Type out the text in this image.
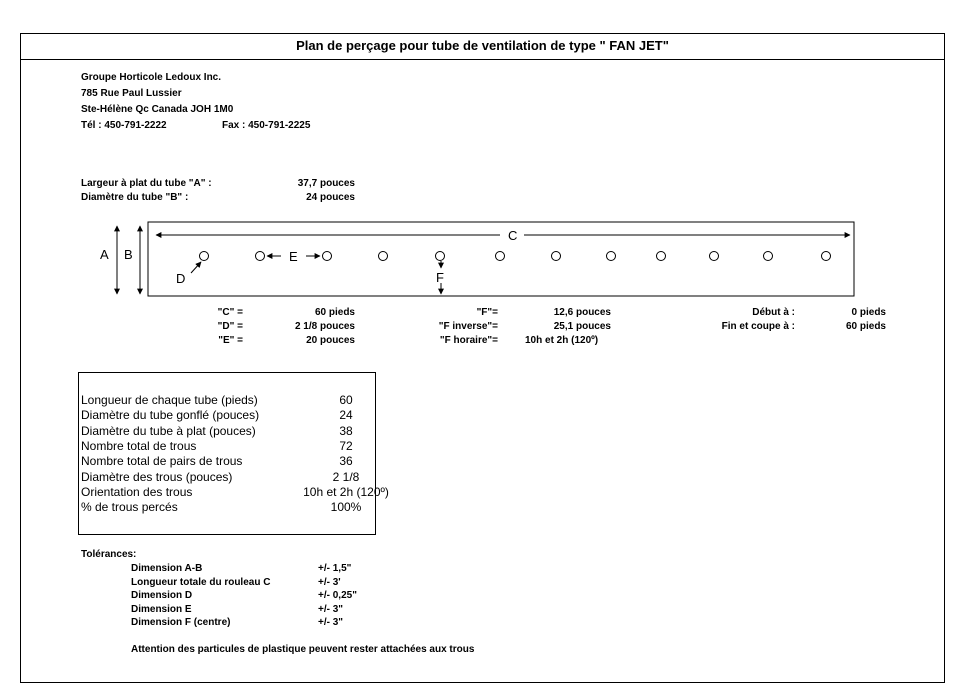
Plan de perçage pour tube de ventilation de type " FAN JET"
Groupe Horticole Ledoux Inc.
785 Rue Paul Lussier
Ste-Hélène Qc Canada JOH 1M0
Tél : 450-791-2222	Fax : 450-791-2225
Largeur à plat du tube "A" :	37,7 pouces
Diamètre du tube "B" :	24 pouces
A B
C
D
E
F
"C" =	60 pieds
"D" =	2 1/8 pouces
"E" =	20 pouces
"F"=	12,6 pouces
"F inverse"=	25,1 pouces
"F horaire"=	10h et 2h (120º)
Début à :	0 pieds
Fin et coupe à :	60 pieds
Longueur de chaque tube (pieds)	60
Diamètre du tube gonflé (pouces)	24
Diamètre du tube à plat (pouces)	38
Nombre total de trous	72
Nombre total de pairs de trous	36
Diamètre des trous (pouces)	2 1/8
Orientation des trous	10h et 2h (120º)
% de trous percés	100%
Tolérances:
Dimension A-B	+/- 1,5"
Longueur totale du rouleau C	+/- 3'
Dimension D	+/- 0,25"
Dimension E	+/- 3"
Dimension F (centre)	+/- 3"
Attention des particules de plastique peuvent rester attachées aux trous
